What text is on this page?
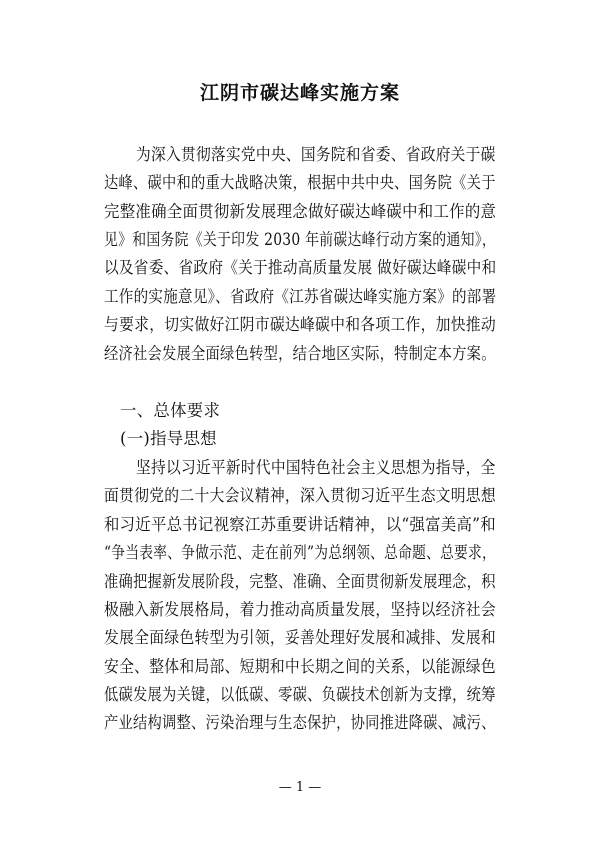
江阴市碳达峰实施方案
为深入贯彻落实党中央、国务院和省委、省政府关于碳
达峰、碳中和的重大战略决策，根据中共中央、国务院《关于
完整准确全面贯彻新发展理念做好碳达峰碳中和工作的意
见》和国务院《关于印发 2030 年前碳达峰行动方案的通知》，
以及省委、省政府《关于推动高质量发展 做好碳达峰碳中和
工作的实施意见》、省政府《江苏省碳达峰实施方案》的部署
与要求，切实做好江阴市碳达峰碳中和各项工作，加快推动
经济社会发展全面绿色转型，结合地区实际，特制定本方案。
一、总体要求
(一)指导思想
坚持以习近平新时代中国特色社会主义思想为指导，全
面贯彻党的二十大会议精神，深入贯彻习近平生态文明思想
和习近平总书记视察江苏重要讲话精神，以“强富美高”和
“争当表率、争做示范、走在前列”为总纲领、总命题、总要求，
准确把握新发展阶段，完整、准确、全面贯彻新发展理念，积
极融入新发展格局，着力推动高质量发展，坚持以经济社会
发展全面绿色转型为引领，妥善处理好发展和减排、发展和
安全、整体和局部、短期和中长期之间的关系，以能源绿色
低碳发展为关键，以低碳、零碳、负碳技术创新为支撑，统筹
产业结构调整、污染治理与生态保护，协同推进降碳、减污、
— 1 —
